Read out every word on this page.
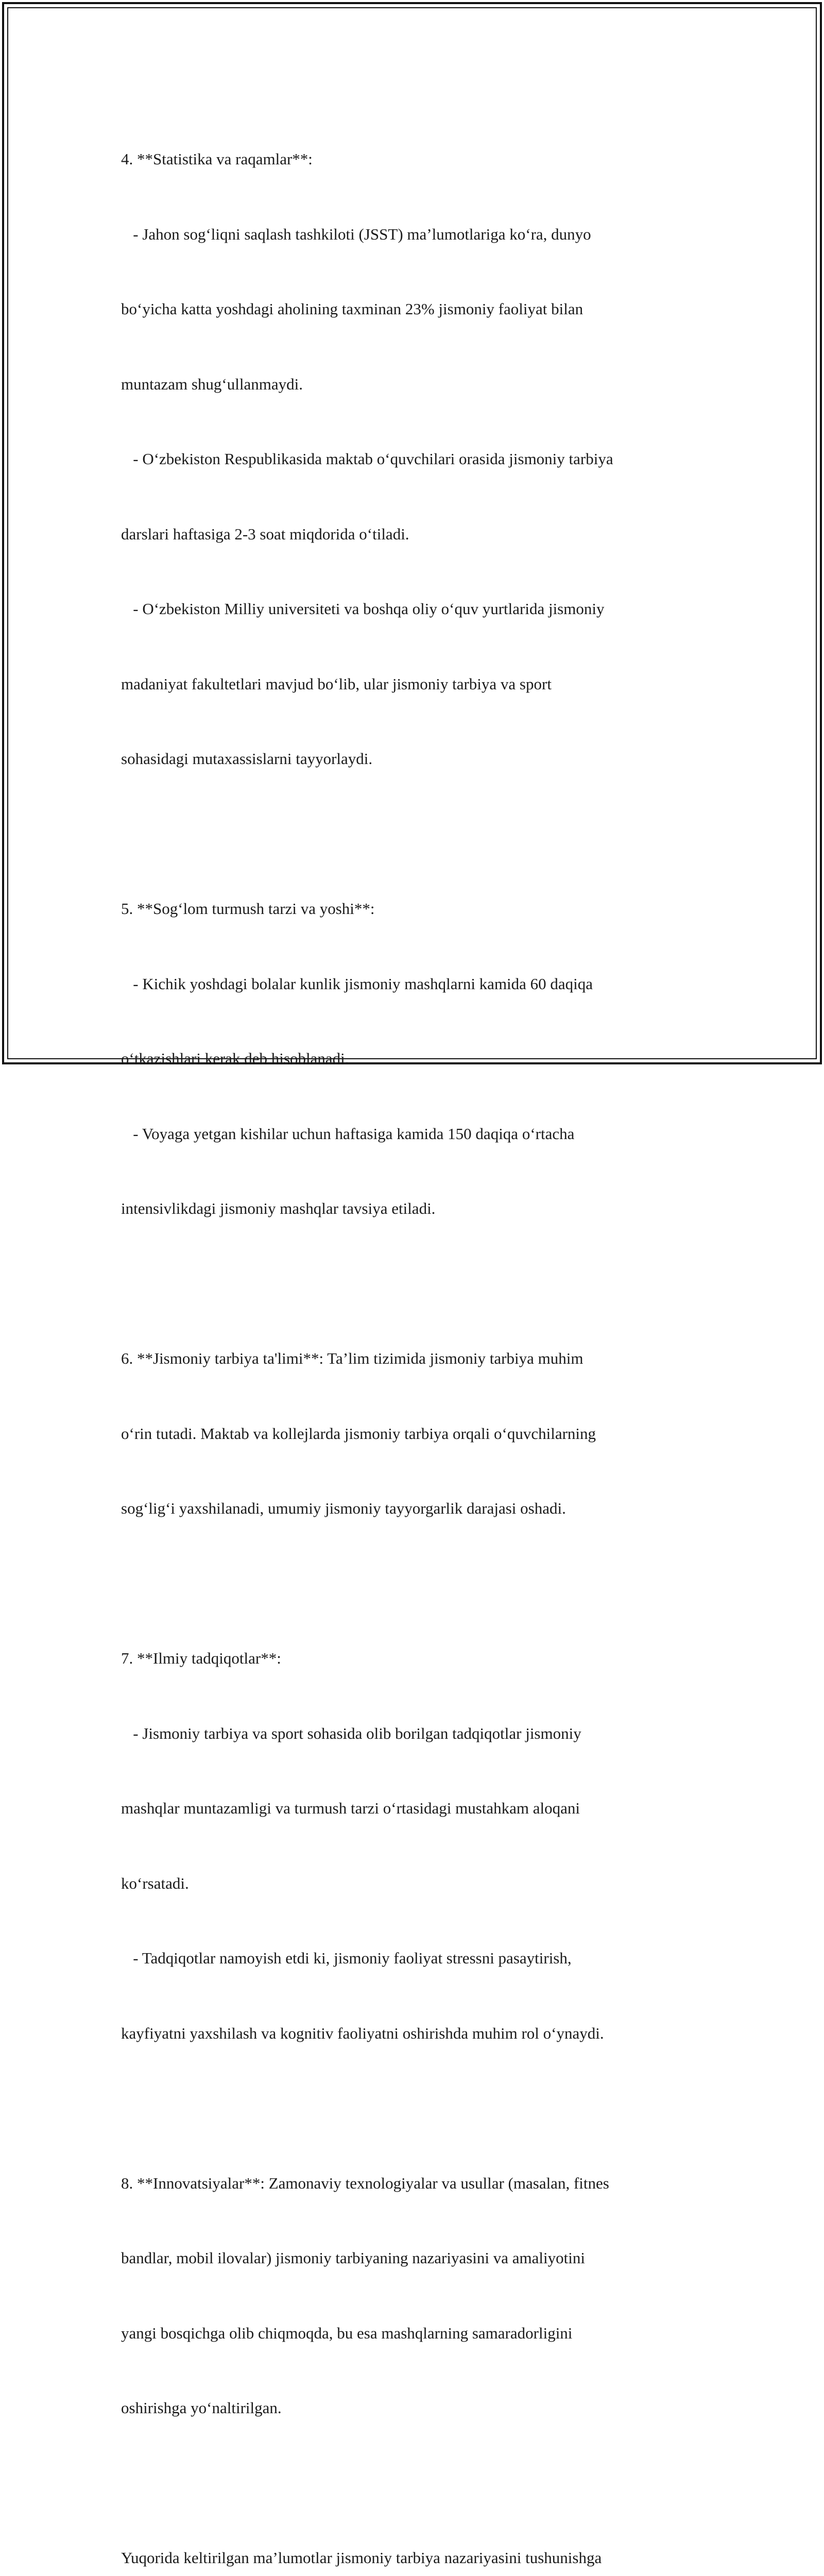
4. **Statistika va raqamlar**:

- Jahon sog‘liqni saqlash tashkiloti (JSST) ma’lumotlariga ko‘ra, dunyo

bo‘yicha katta yoshdagi aholining taxminan 23% jismoniy faoliyat bilan

muntazam shug‘ullanmaydi.

- O‘zbekiston Respublikasida maktab o‘quvchilari orasida jismoniy tarbiya

darslari haftasiga 2-3 soat miqdorida o‘tiladi.

- O‘zbekiston Milliy universiteti va boshqa oliy o‘quv yurtlarida jismoniy

madaniyat fakultetlari mavjud bo‘lib, ular jismoniy tarbiya va sport

sohasidagi mutaxassislarni tayyorlaydi.

5. **Sog‘lom turmush tarzi va yoshi**:

- Kichik yoshdagi bolalar kunlik jismoniy mashqlarni kamida 60 daqiqa

o‘tkazishlari kerak deb hisoblanadi.

- Voyaga yetgan kishilar uchun haftasiga kamida 150 daqiqa o‘rtacha

intensivlikdagi jismoniy mashqlar tavsiya etiladi.

6. **Jismoniy tarbiya ta'limi**: Ta’lim tizimida jismoniy tarbiya muhim

o‘rin tutadi. Maktab va kollejlarda jismoniy tarbiya orqali o‘quvchilarning

sog‘lig‘i yaxshilanadi, umumiy jismoniy tayyorgarlik darajasi oshadi.

7. **Ilmiy tadqiqotlar**:

- Jismoniy tarbiya va sport sohasida olib borilgan tadqiqotlar jismoniy

mashqlar muntazamligi va turmush tarzi o‘rtasidagi mustahkam aloqani

ko‘rsatadi.

- Tadqiqotlar namoyish etdi ki, jismoniy faoliyat stressni pasaytirish,

kayfiyatni yaxshilash va kognitiv faoliyatni oshirishda muhim rol o‘ynaydi.

8. **Innovatsiyalar**: Zamonaviy texnologiyalar va usullar (masalan, fitnes

bandlar, mobil ilovalar) jismoniy tarbiyaning nazariyasini va amaliyotini

yangi bosqichga olib chiqmoqda, bu esa mashqlarning samaradorligini

oshirishga yo‘naltirilgan.

Yuqorida keltirilgan ma’lumotlar jismoniy tarbiya nazariyasini tushunishga
